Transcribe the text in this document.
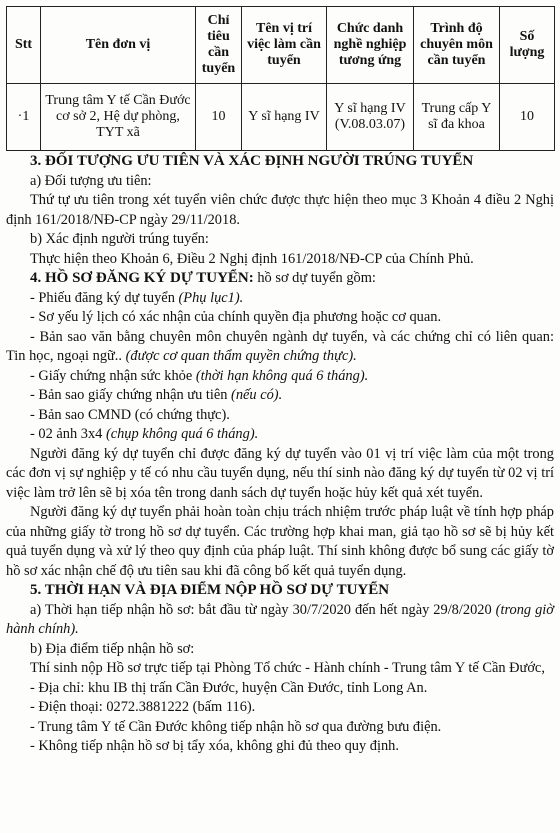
Stt	Tên đơn vị	Chỉ tiêu cần tuyển	Tên vị trí việc làm cần tuyển	Chức danh nghề nghiệp tương ứng	Trình độ chuyên môn cần tuyển	Số lượng
·1	Trung tâm Y tế Cần Đước cơ sở 2, Hệ dự phòng, TYT xã	10	Y sĩ hạng IV	Y sĩ hạng IV (V.08.03.07)	Trung cấp Y sĩ đa khoa	10

3. ĐỐI TƯỢNG ƯU TIÊN VÀ XÁC ĐỊNH NGƯỜI TRÚNG TUYỂN

a) Đối tượng ưu tiên:

Thứ tự ưu tiên trong xét tuyển viên chức được thực hiện theo mục 3 Khoản 4 điều 2 Nghị định 161/2018/NĐ-CP ngày 29/11/2018.

b) Xác định người trúng tuyển:

Thực hiện theo Khoản 6, Điều 2 Nghị định 161/2018/NĐ-CP của Chính Phủ.

4. HỒ SƠ ĐĂNG KÝ DỰ TUYỂN: hồ sơ dự tuyển gồm:

- Phiếu đăng ký dự tuyển (Phụ lục1).

- Sơ yếu lý lịch có xác nhận của chính quyền địa phương hoặc cơ quan.

- Bản sao văn bằng chuyên môn chuyên ngành dự tuyển, và các chứng chỉ có liên quan: Tin học, ngoại ngữ.. (được cơ quan thẩm quyền chứng thực).

- Giấy chứng nhận sức khỏe (thời hạn không quá 6 tháng).

- Bản sao giấy chứng nhận ưu tiên (nếu có).

- Bản sao CMND (có chứng thực).

- 02 ảnh 3x4 (chụp không quá 6 tháng).

Người đăng ký dự tuyển chỉ được đăng ký dự tuyển vào 01 vị trí việc làm của một trong các đơn vị sự nghiệp y tế có nhu cầu tuyển dụng, nếu thí sinh nào đăng ký dự tuyển từ 02 vị trí việc làm trở lên sẽ bị xóa tên trong danh sách dự tuyển hoặc hủy kết quả xét tuyển.

Người đăng ký dự tuyển phải hoàn toàn chịu trách nhiệm trước pháp luật về tính hợp pháp của những giấy tờ trong hồ sơ dự tuyển. Các trường hợp khai man, giả tạo hồ sơ sẽ bị hủy kết quả tuyển dụng và xử lý theo quy định của pháp luật. Thí sinh không được bổ sung các giấy tờ hồ sơ xác nhận chế độ ưu tiên sau khi đã công bố kết quả tuyển dụng.

5. THỜI HẠN VÀ ĐỊA ĐIỂM NỘP HỒ SƠ DỰ TUYỂN

a) Thời hạn tiếp nhận hồ sơ: bắt đầu từ ngày 30/7/2020 đến hết ngày 29/8/2020 (trong giờ hành chính).

b) Địa điểm tiếp nhận hồ sơ:

Thí sinh nộp Hồ sơ trực tiếp tại Phòng Tổ chức - Hành chính - Trung tâm Y tế Cần Đước,

- Địa chỉ: khu IB thị trấn Cần Đước, huyện Cần Đước, tỉnh Long An.

- Điện thoại: 0272.3881222 (bấm 116).

- Trung tâm Y tế Cần Đước không tiếp nhận hồ sơ qua đường bưu điện.

- Không tiếp nhận hồ sơ bị tẩy xóa, không ghi đủ theo quy định.
